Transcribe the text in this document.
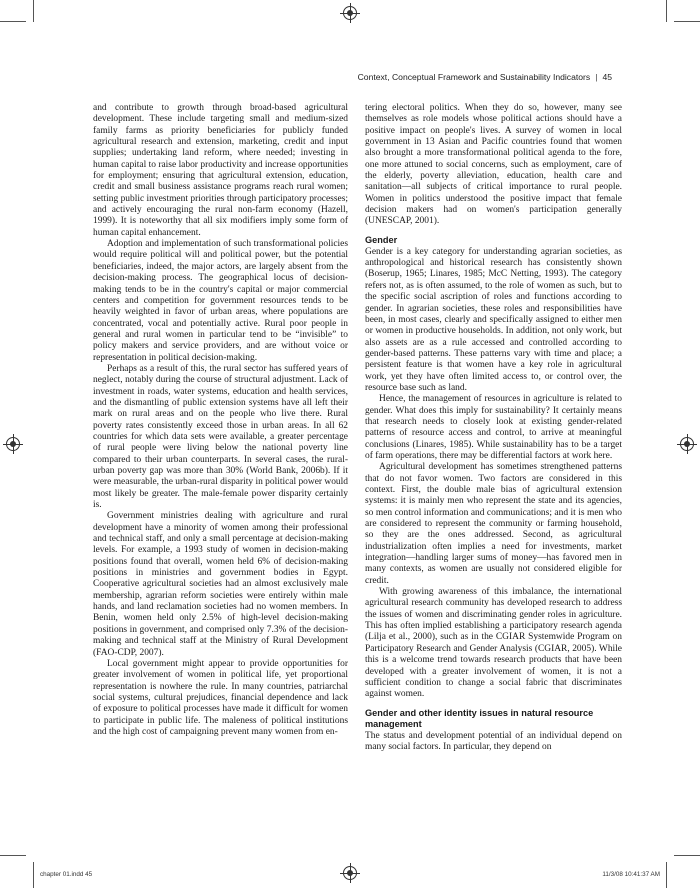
Context, Conceptual Framework and Sustainability Indicators | 45

and contribute to growth through broad-based agricultural development. These include targeting small and medium-sized family farms as priority beneficiaries for publicly funded agricultural research and extension, marketing, credit and input supplies; undertaking land reform, where needed; investing in human capital to raise labor productivity and increase opportunities for employment; ensuring that agricultural extension, education, credit and small business assistance programs reach rural women; setting public investment priorities through participatory processes; and actively encouraging the rural non-farm economy (Hazell, 1999). It is noteworthy that all six modifiers imply some form of human capital enhancement.

Adoption and implementation of such transformational policies would require political will and political power, but the potential beneficiaries, indeed, the major actors, are largely absent from the decision-making process. The geographical locus of decision-making tends to be in the country's capital or major commercial centers and competition for government resources tends to be heavily weighted in favor of urban areas, where populations are concentrated, vocal and potentially active. Rural poor people in general and rural women in particular tend to be “invisible” to policy makers and service providers, and are without voice or representation in political decision-making.

Perhaps as a result of this, the rural sector has suffered years of neglect, notably during the course of structural adjustment. Lack of investment in roads, water systems, education and health services, and the dismantling of public extension systems have all left their mark on rural areas and on the people who live there. Rural poverty rates consistently exceed those in urban areas. In all 62 countries for which data sets were available, a greater percentage of rural people were living below the national poverty line compared to their urban counterparts. In several cases, the rural-urban poverty gap was more than 30% (World Bank, 2006b). If it were measurable, the urban-rural disparity in political power would most likely be greater. The male-female power disparity certainly is.

Government ministries dealing with agriculture and rural development have a minority of women among their professional and technical staff, and only a small percentage at decision-making levels. For example, a 1993 study of women in decision-making positions found that overall, women held 6% of decision-making positions in ministries and government bodies in Egypt. Cooperative agricultural societies had an almost exclusively male membership, agrarian reform societies were entirely within male hands, and land reclamation societies had no women members. In Benin, women held only 2.5% of high-level decision-making positions in government, and comprised only 7.3% of the decision-making and technical staff at the Ministry of Rural Development (FAO-CDP, 2007).

Local government might appear to provide opportunities for greater involvement of women in political life, yet proportional representation is nowhere the rule. In many countries, patriarchal social systems, cultural prejudices, financial dependence and lack of exposure to political processes have made it difficult for women to participate in public life. The maleness of political institutions and the high cost of campaigning prevent many women from en-

tering electoral politics. When they do so, however, many see themselves as role models whose political actions should have a positive impact on people's lives. A survey of women in local government in 13 Asian and Pacific countries found that women also brought a more transformational political agenda to the fore, one more attuned to social concerns, such as employment, care of the elderly, poverty alleviation, education, health care and sanitation—all subjects of critical importance to rural people. Women in politics understood the positive impact that female decision makers had on women's participation generally (UNESCAP, 2001).

Gender

Gender is a key category for understanding agrarian societies, as anthropological and historical research has consistently shown (Boserup, 1965; Linares, 1985; McC Netting, 1993). The category refers not, as is often assumed, to the role of women as such, but to the specific social ascription of roles and functions according to gender. In agrarian societies, these roles and responsibilities have been, in most cases, clearly and specifically assigned to either men or women in productive households. In addition, not only work, but also assets are as a rule accessed and controlled according to gender-based patterns. These patterns vary with time and place; a persistent feature is that women have a key role in agricultural work, yet they have often limited access to, or control over, the resource base such as land.

Hence, the management of resources in agriculture is related to gender. What does this imply for sustainability? It certainly means that research needs to closely look at existing gender-related patterns of resource access and control, to arrive at meaningful conclusions (Linares, 1985). While sustainability has to be a target of farm operations, there may be differential factors at work here.

Agricultural development has sometimes strengthened patterns that do not favor women. Two factors are considered in this context. First, the double male bias of agricultural extension systems: it is mainly men who represent the state and its agencies, so men control information and communications; and it is men who are considered to represent the community or farming household, so they are the ones addressed. Second, as agricultural industrialization often implies a need for investments, market integration—handling larger sums of money—has favored men in many contexts, as women are usually not considered eligible for credit.

With growing awareness of this imbalance, the international agricultural research community has developed research to address the issues of women and discriminating gender roles in agriculture. This has often implied establishing a participatory research agenda (Lilja et al., 2000), such as in the CGIAR Systemwide Program on Participatory Research and Gender Analysis (CGIAR, 2005). While this is a welcome trend towards research products that have been developed with a greater involvement of women, it is not a sufficient condition to change a social fabric that discriminates against women.

Gender and other identity issues in natural resource management

The status and development potential of an individual depend on many social factors. In particular, they depend on

chapter 01.indd 45	11/3/08 10:41:37 AM
